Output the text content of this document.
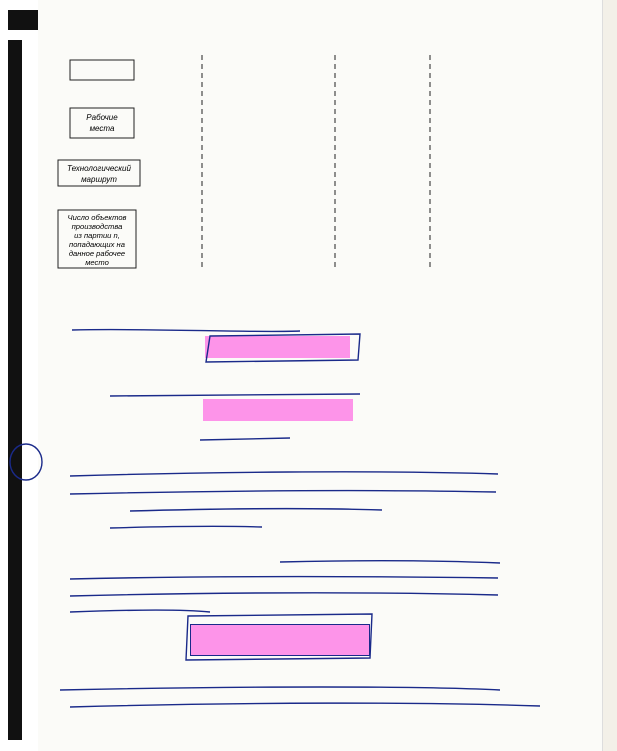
Рабочие
места
Технологический
маршрут
Число объектов
производства
из партии n,
попадающих на
данное рабочее
место
